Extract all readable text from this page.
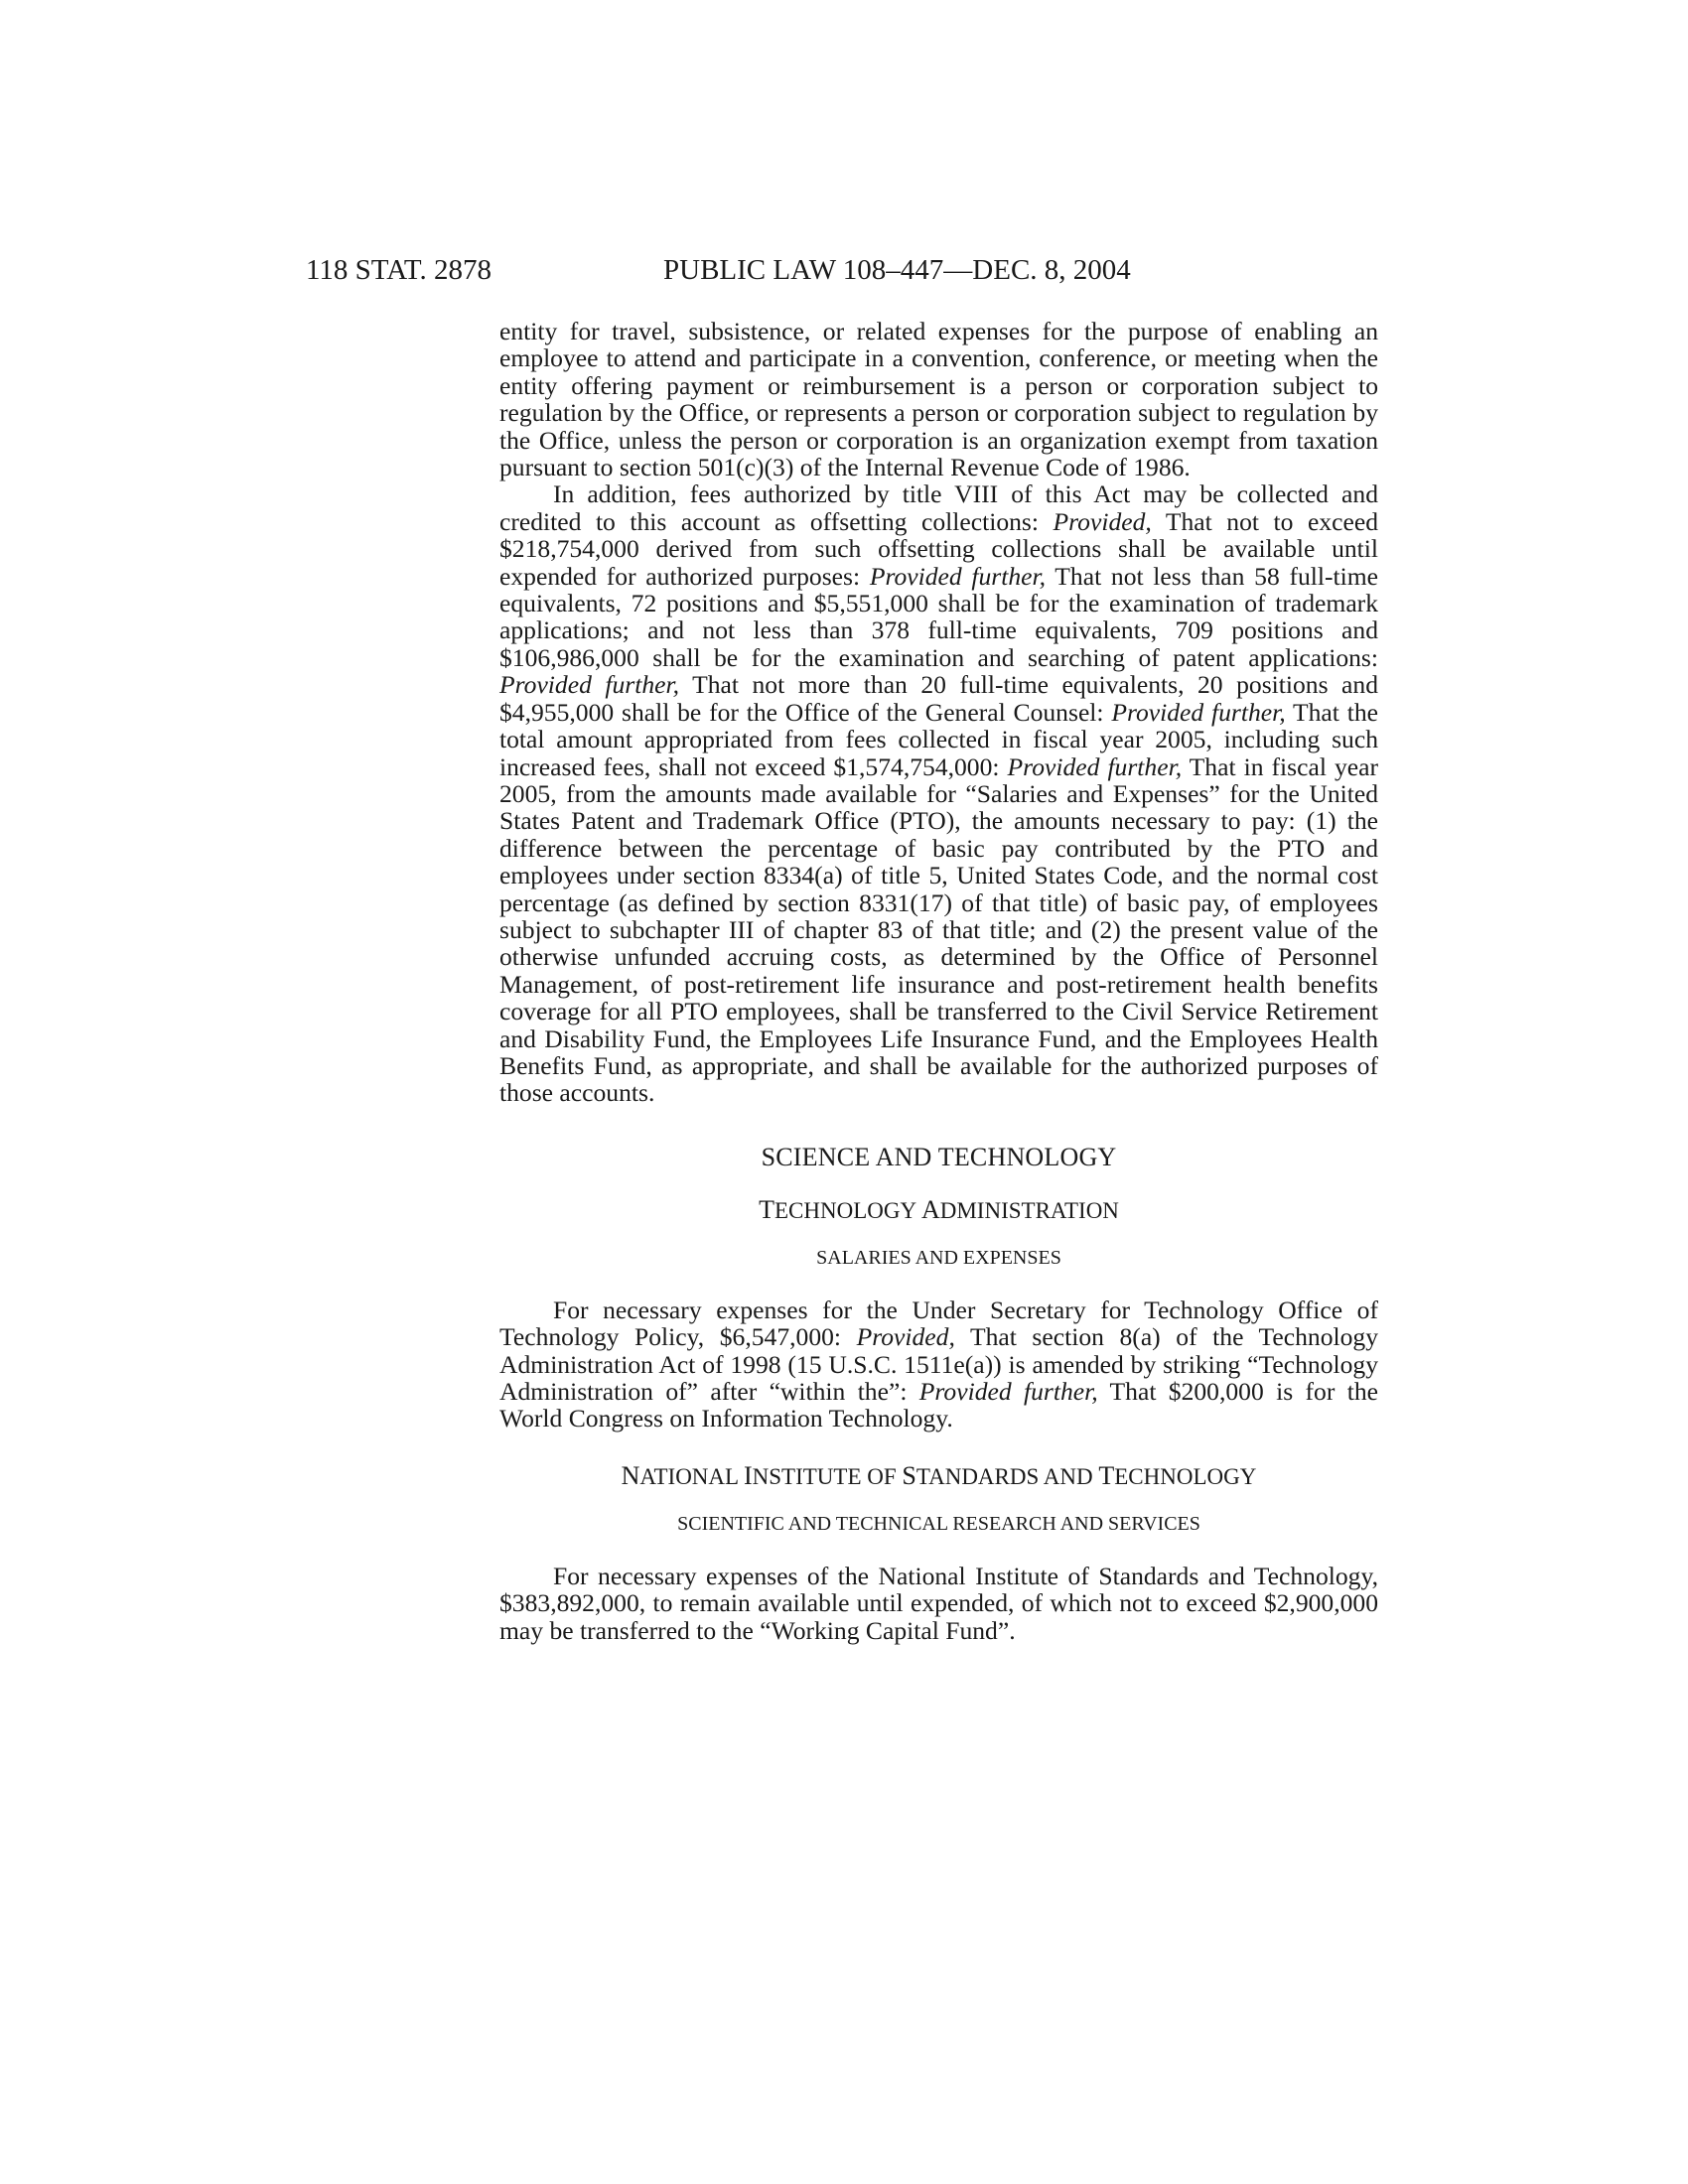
118 STAT. 2878	PUBLIC LAW 108–447—DEC. 8, 2004

entity for travel, subsistence, or related expenses for the purpose of enabling an employee to attend and participate in a convention, conference, or meeting when the entity offering payment or reimbursement is a person or corporation subject to regulation by the Office, or represents a person or corporation subject to regulation by the Office, unless the person or corporation is an organization exempt from taxation pursuant to section 501(c)(3) of the Internal Revenue Code of 1986.

In addition, fees authorized by title VIII of this Act may be collected and credited to this account as offsetting collections: Provided, That not to exceed $218,754,000 derived from such offsetting collections shall be available until expended for authorized purposes: Provided further, That not less than 58 full-time equivalents, 72 positions and $5,551,000 shall be for the examination of trademark applications; and not less than 378 full-time equivalents, 709 positions and $106,986,000 shall be for the examination and searching of patent applications: Provided further, That not more than 20 full-time equivalents, 20 positions and $4,955,000 shall be for the Office of the General Counsel: Provided further, That the total amount appropriated from fees collected in fiscal year 2005, including such increased fees, shall not exceed $1,574,754,000: Provided further, That in fiscal year 2005, from the amounts made available for “Salaries and Expenses” for the United States Patent and Trademark Office (PTO), the amounts necessary to pay: (1) the difference between the percentage of basic pay contributed by the PTO and employees under section 8334(a) of title 5, United States Code, and the normal cost percentage (as defined by section 8331(17) of that title) of basic pay, of employees subject to subchapter III of chapter 83 of that title; and (2) the present value of the otherwise unfunded accruing costs, as determined by the Office of Personnel Management, of post-retirement life insurance and post-retirement health benefits coverage for all PTO employees, shall be transferred to the Civil Service Retirement and Disability Fund, the Employees Life Insurance Fund, and the Employees Health Benefits Fund, as appropriate, and shall be available for the authorized purposes of those accounts.

SCIENCE AND TECHNOLOGY
TECHNOLOGY ADMINISTRATION
SALARIES AND EXPENSES

For necessary expenses for the Under Secretary for Technology Office of Technology Policy, $6,547,000: Provided, That section 8(a) of the Technology Administration Act of 1998 (15 U.S.C. 1511e(a)) is amended by striking “Technology Administration of” after “within the”: Provided further, That $200,000 is for the World Congress on Information Technology.

NATIONAL INSTITUTE OF STANDARDS AND TECHNOLOGY
SCIENTIFIC AND TECHNICAL RESEARCH AND SERVICES

For necessary expenses of the National Institute of Standards and Technology, $383,892,000, to remain available until expended, of which not to exceed $2,900,000 may be transferred to the “Working Capital Fund”.
